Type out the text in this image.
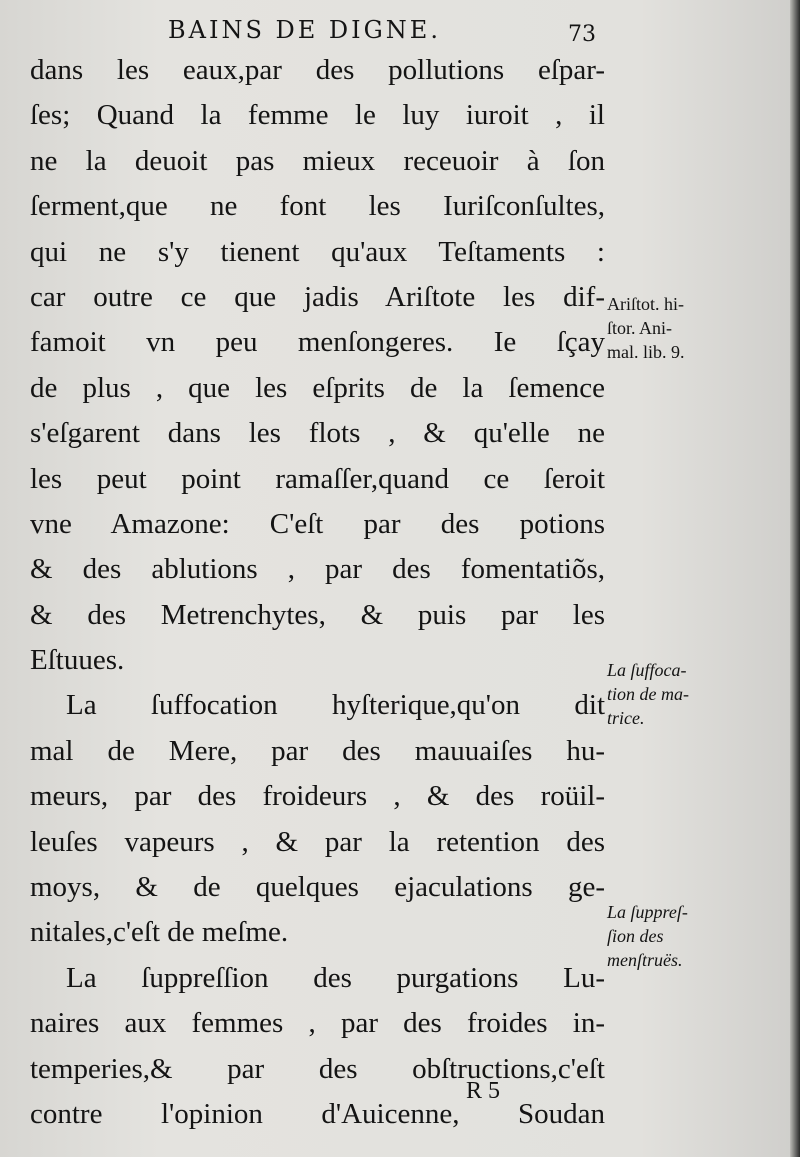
BAINS DE DIGNE.	73
dans les eaux,par des pollutions eſpar-
ſes; Quand la femme le luy iuroit , il
ne la deuoit pas mieux receuoir à ſon
ſerment,que ne font les Iuriſconſultes,
qui ne s'y tienent qu'aux Teſtaments :
car outre ce que jadis Ariſtote les dif-
famoit vn peu menſongeres. Ie ſçay
de plus , que les eſprits de la ſemence
s'eſgarent dans les flots , & qu'elle ne
les peut point ramaſſer,quand ce ſeroit
vne Amazone: C'eſt par des potions
& des ablutions , par des fomentatiõs,
& des Metrenchytes, & puis par les
Eſtuues.
La ſuffocation hyſterique,qu'on dit
mal de Mere, par des mauuaiſes hu-
meurs, par des froideurs , & des roüil-
leuſes vapeurs , & par la retention des
moys, & de quelques ejaculations ge-
nitales,c'eſt de meſme.
La ſuppreſſion des purgations Lu-
naires aux femmes , par des froides in-
temperies,& par des obſtructions,c'eſt
contre l'opinion d'Auicenne, Soudan
Ariſtot. hi-
ſtor. Ani-
mal. lib. 9.
La ſuffoca-
tion de ma-
trice.
La ſuppreſ-
ſion des
menſtruës.
R 5
